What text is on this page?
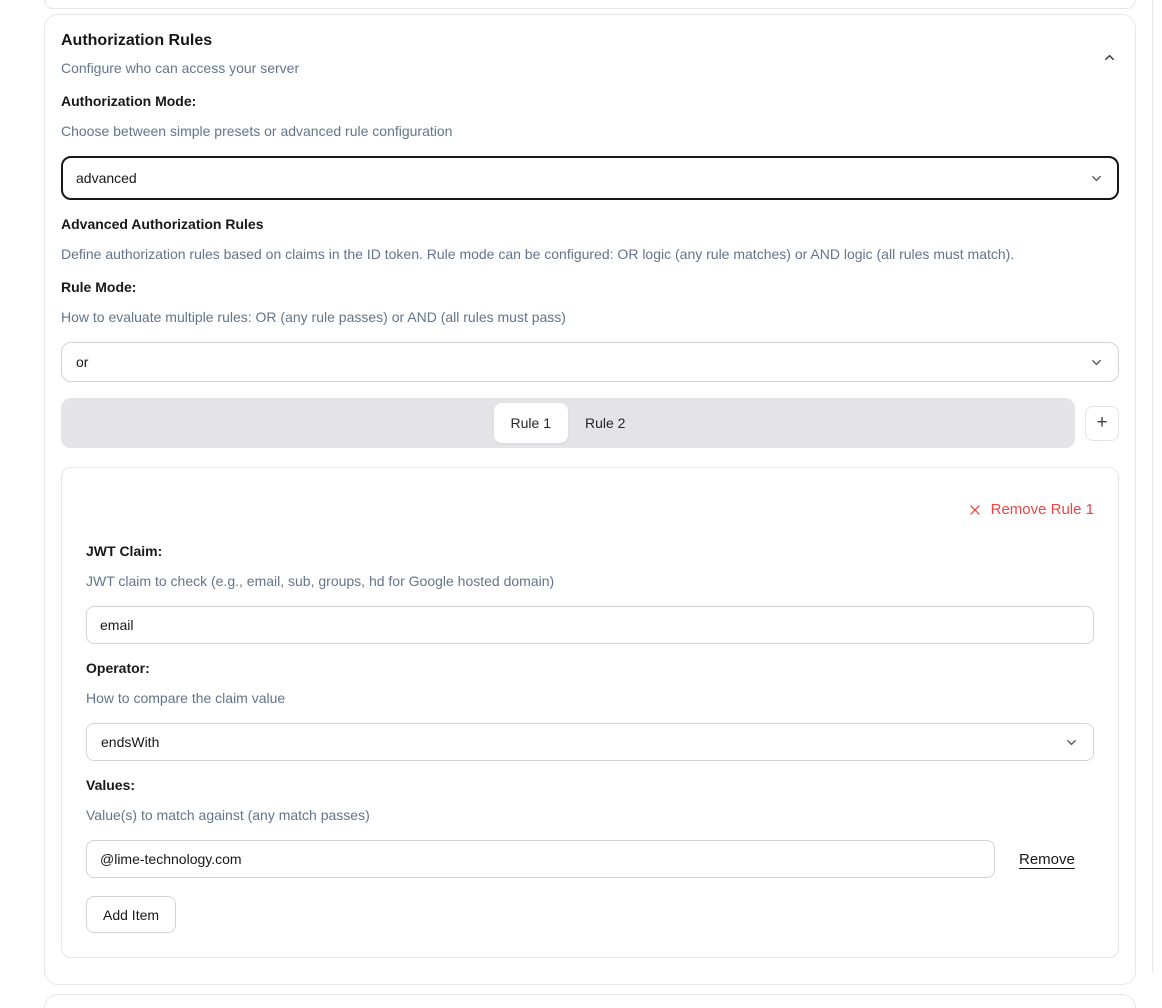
Authorization Rules
Configure who can access your server
Authorization Mode:
Choose between simple presets or advanced rule configuration
advanced
Advanced Authorization Rules
Define authorization rules based on claims in the ID token. Rule mode can be configured: OR logic (any rule matches) or AND logic (all rules must match).
Rule Mode:
How to evaluate multiple rules: OR (any rule passes) or AND (all rules must pass)
or
Rule 1	Rule 2	+
Remove Rule 1
JWT Claim:
JWT claim to check (e.g., email, sub, groups, hd for Google hosted domain)
email
Operator:
How to compare the claim value
endsWith
Values:
Value(s) to match against (any match passes)
@lime-technology.com
Remove
Add Item
